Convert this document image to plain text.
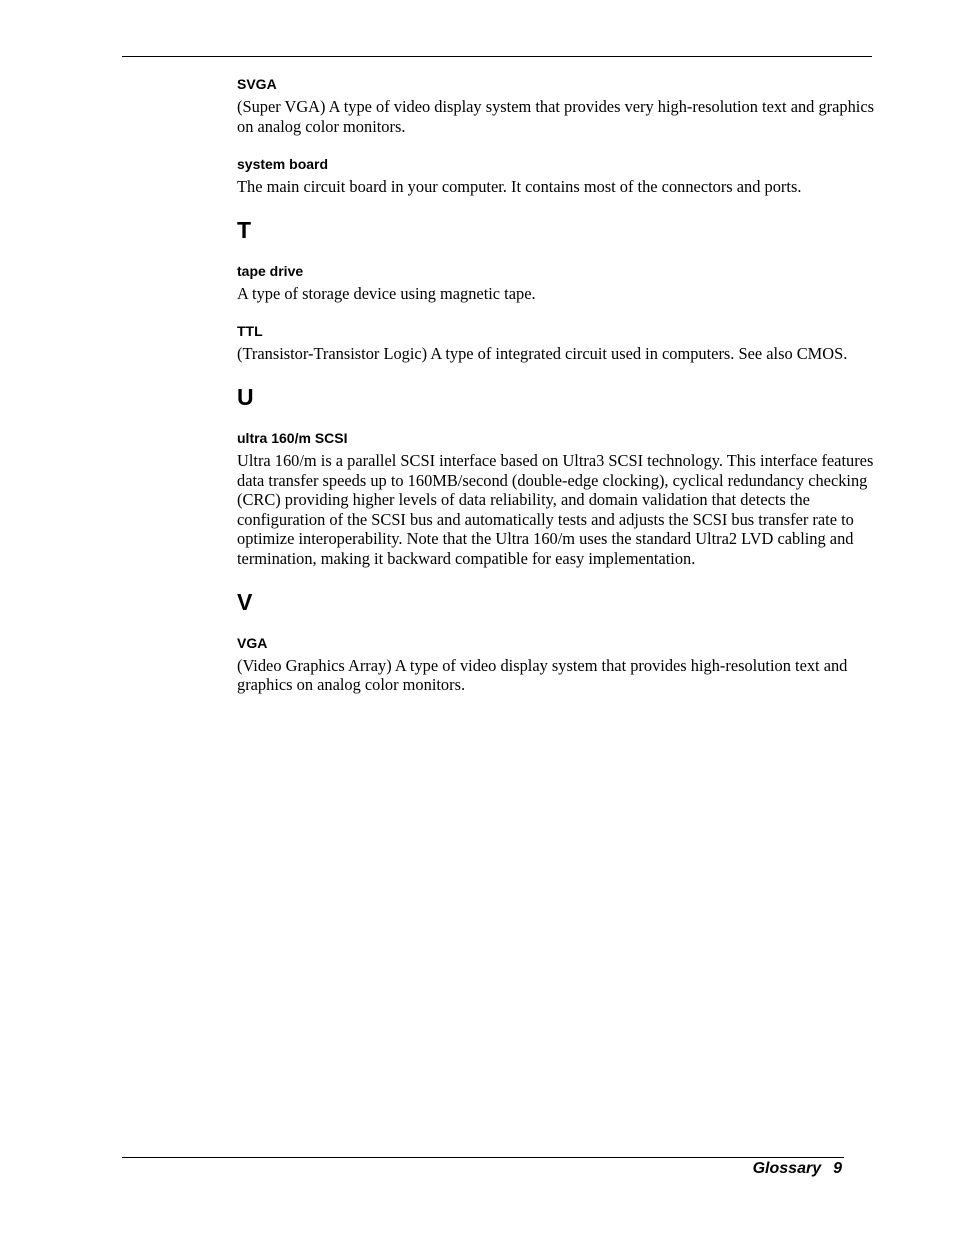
SVGA

(Super VGA) A type of video display system that provides very high-resolution text and graphics on analog color monitors.

system board

The main circuit board in your computer. It contains most of the connectors and ports.

T

tape drive

A type of storage device using magnetic tape.

TTL

(Transistor-Transistor Logic) A type of integrated circuit used in computers. See also CMOS.

U

ultra 160/m SCSI

Ultra 160/m is a parallel SCSI interface based on Ultra3 SCSI technology. This interface features data transfer speeds up to 160MB/second (double-edge clocking), cyclical redundancy checking (CRC) providing higher levels of data reliability, and domain validation that detects the configuration of the SCSI bus and automatically tests and adjusts the SCSI bus transfer rate to optimize interoperability. Note that the Ultra 160/m uses the standard Ultra2 LVD cabling and termination, making it backward compatible for easy implementation.

V

VGA

(Video Graphics Array) A type of video display system that provides high-resolution text and graphics on analog color monitors.

Glossary 9
